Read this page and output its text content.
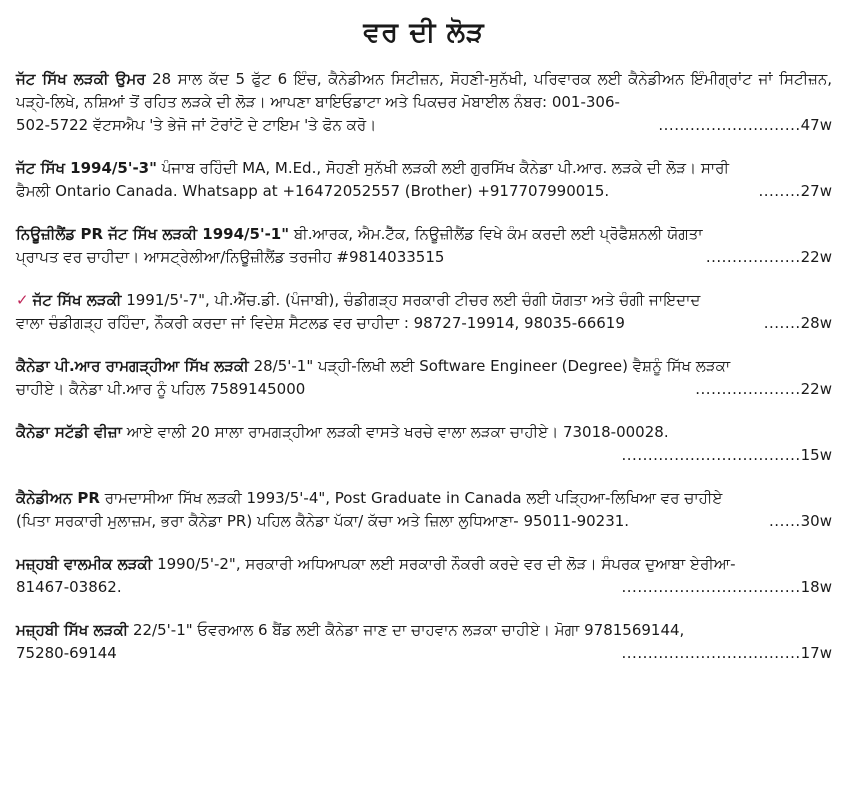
ਵਰ ਦੀ ਲੋੜ
ਜੱਟ ਸਿੱਖ ਲੜਕੀ ਉਮਰ 28 ਸਾਲ ਕੱਦ 5 ਫੁੱਟ 6 ਇੰਚ, ਕੈਨੇਡੀਅਨ ਸਿਟੀਜ਼ਨ, ਸੋਹਣੀ-ਸੁਨੱਖੀ, ਪਰਿਵਾਰਕ ਲਈ ਕੈਨੇਡੀਅਨ ਇੰਮੀਗ੍ਰਾਂਟ ਜਾਂ ਸਿਟੀਜ਼ਨ, ਪੜ੍ਹੇ-ਲਿਖੇ, ਨਸ਼ਿਆਂ ਤੋਂ ਰਹਿਤ ਲੜਕੇ ਦੀ ਲੋੜ। ਆਪਣਾ ਬਾਇਓਡਾਟਾ ਅਤੇ ਪਿਕਚਰ ਮੋਬਾਈਲ ਨੰਬਰ: 001-306-
502-5722 ਵੱਟਸਐਪ 'ਤੇ ਭੇਜੋ ਜਾਂ ਟੋਰਾਂਟੋ ਦੇ ਟਾਇਮ 'ਤੇ ਫੋਨ ਕਰੋ।	...........................47w
ਜੱਟ ਸਿੱਖ 1994/5'-3" ਪੰਜਾਬ ਰਹਿੰਦੀ MA, M.Ed., ਸੋਹਣੀ ਸੁਨੱਖੀ ਲੜਕੀ ਲਈ ਗੁਰਸਿੱਖ ਕੈਨੇਡਾ ਪੀ.ਆਰ. ਲੜਕੇ ਦੀ ਲੋੜ। ਸਾਰੀ
ਫੈਮਲੀ Ontario Canada. Whatsapp at +16472052557 (Brother) +917707990015.	........27w
ਨਿਊਜ਼ੀਲੈਂਡ PR ਜੱਟ ਸਿੱਖ ਲੜਕੀ 1994/5'-1" ਬੀ.ਆਰਕ, ਐਮ.ਟੈੱਕ, ਨਿਊਜ਼ੀਲੈਂਡ ਵਿਖੇ ਕੰਮ ਕਰਦੀ ਲਈ ਪ੍ਰੋਫੈਸ਼ਨਲੀ ਯੋਗਤਾ
ਪ੍ਰਾਪਤ ਵਰ ਚਾਹੀਦਾ। ਆਸਟ੍ਰੇਲੀਆ/ਨਿਊਜ਼ੀਲੈਂਡ ਤਰਜੀਹ #9814033515	..................22w
✓ ਜੱਟ ਸਿੱਖ ਲੜਕੀ 1991/5'-7", ਪੀ.ਐੱਚ.ਡੀ. (ਪੰਜਾਬੀ), ਚੰਡੀਗੜ੍ਹ ਸਰਕਾਰੀ ਟੀਚਰ ਲਈ ਚੰਗੀ ਯੋਗਤਾ ਅਤੇ ਚੰਗੀ ਜਾਇਦਾਦ
ਵਾਲਾ ਚੰਡੀਗੜ੍ਹ ਰਹਿੰਦਾ, ਨੌਕਰੀ ਕਰਦਾ ਜਾਂ ਵਿਦੇਸ਼ ਸੈਟਲਡ ਵਰ ਚਾਹੀਦਾ : 98727-19914, 98035-66619	.......28w
ਕੈਨੇਡਾ ਪੀ.ਆਰ ਰਾਮਗੜ੍ਹੀਆ ਸਿੱਖ ਲੜਕੀ 28/5'-1" ਪੜ੍ਹੀ-ਲਿਖੀ ਲਈ Software Engineer (Degree) ਵੈਸ਼ਨੂੰ ਸਿੱਖ ਲੜਕਾ
ਚਾਹੀਏ। ਕੈਨੇਡਾ ਪੀ.ਆਰ ਨੂੰ ਪਹਿਲ 7589145000	....................22w
ਕੈਨੇਡਾ ਸਟੱਡੀ ਵੀਜ਼ਾ ਆਏ ਵਾਲੀ 20 ਸਾਲਾ ਰਾਮਗੜ੍ਹੀਆ ਲੜਕੀ ਵਾਸਤੇ ਖਰਚੇ ਵਾਲਾ ਲੜਕਾ ਚਾਹੀਏ। 73018-00028.
..................................15w
ਕੈਨੇਡੀਅਨ PR ਰਾਮਦਾਸੀਆ ਸਿੱਖ ਲੜਕੀ 1993/5'-4", Post Graduate in Canada ਲਈ ਪੜ੍ਹਿਆ-ਲਿਖਿਆ ਵਰ ਚਾਹੀਏ
(ਪਿਤਾ ਸਰਕਾਰੀ ਮੁਲਾਜ਼ਮ, ਭਰਾ ਕੈਨੇਡਾ PR) ਪਹਿਲ ਕੈਨੇਡਾ ਪੱਕਾ/ ਕੱਚਾ ਅਤੇ ਜ਼ਿਲਾ ਲੁਧਿਆਣਾ- 95011-90231.	......30w
ਮਜ਼੍ਹਬੀ ਵਾਲਮੀਕ ਲੜਕੀ 1990/5'-2", ਸਰਕਾਰੀ ਅਧਿਆਪਕਾ ਲਈ ਸਰਕਾਰੀ ਨੌਕਰੀ ਕਰਦੇ ਵਰ ਦੀ ਲੋੜ। ਸੰਪਰਕ ਦੁਆਬਾ ਏਰੀਆ-
81467-03862.	..................................18w
ਮਜ਼੍ਹਬੀ ਸਿੱਖ ਲੜਕੀ 22/5'-1" ਓਵਰਆਲ 6 ਬੈਂਡ ਲਈ ਕੈਨੇਡਾ ਜਾਣ ਦਾ ਚਾਹਵਾਨ ਲੜਕਾ ਚਾਹੀਏ। ਮੋਗਾ 9781569144,
75280-69144	..................................17w
